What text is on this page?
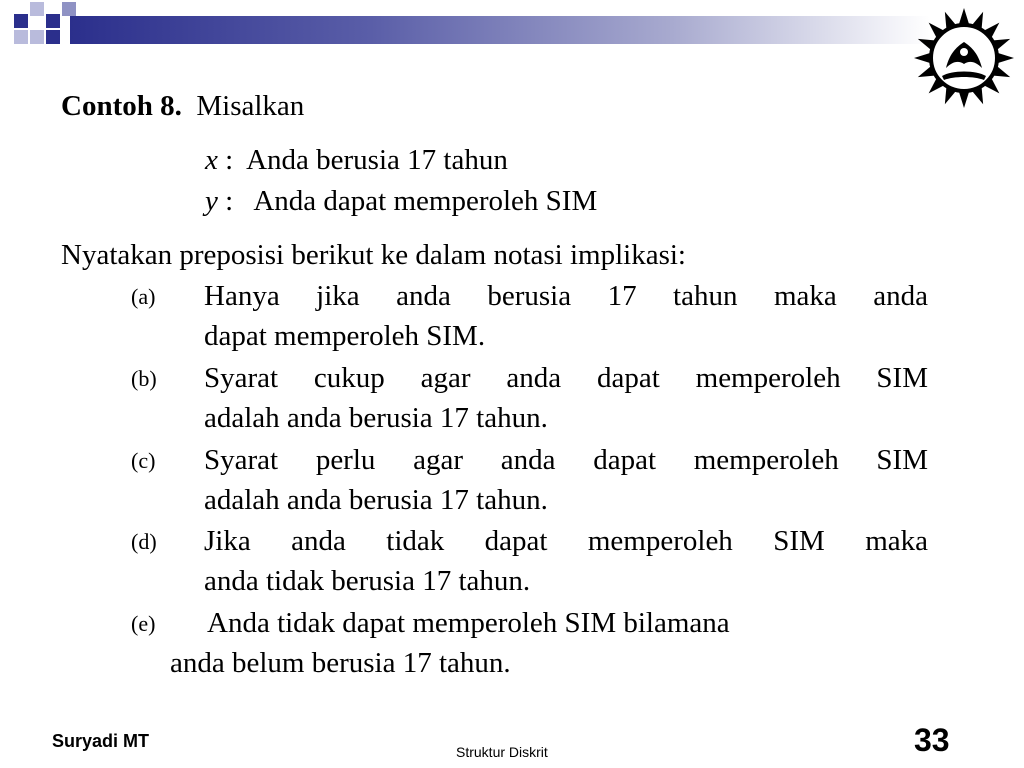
Contoh 8. Misalkan
x : Anda berusia 17 tahun
y : Anda dapat memperoleh SIM
Nyatakan preposisi berikut ke dalam notasi implikasi:
(a) Hanya jika anda berusia 17 tahun maka anda
dapat memperoleh SIM.
(b) Syarat cukup agar anda dapat memperoleh SIM
adalah anda berusia 17 tahun.
(c) Syarat perlu agar anda dapat memperoleh SIM
adalah anda berusia 17 tahun.
(d) Jika anda tidak dapat memperoleh SIM maka
anda tidak berusia 17 tahun.
(e) Anda tidak dapat memperoleh SIM bilamana
anda belum berusia 17 tahun.
Suryadi MT
Struktur Diskrit	33
